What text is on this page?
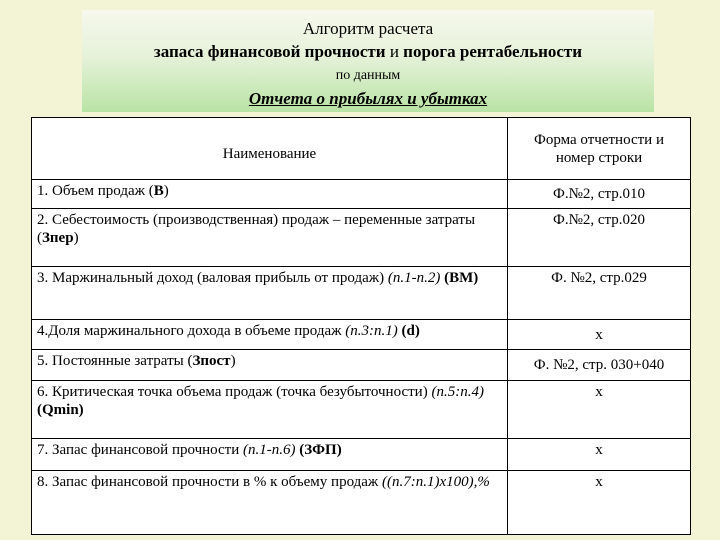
Алгоритм расчета
запаса финансовой прочности и порога рентабельности
по данным
Отчета о прибылях и убытках
Наименование	Форма отчетности и номер строки
1. Объем продаж (В)	Ф.№2, стр.010
2. Себестоимость (производственная) продаж – переменные затраты (Зпер)	Ф.№2, стр.020
3. Маржинальный доход (валовая прибыль от продаж) (п.1-п.2) (ВМ)	Ф. №2, стр.029
4.Доля маржинального дохода в объеме продаж (п.3:п.1) (d)	х
5. Постоянные затраты (Зпост)	Ф. №2, стр. 030+040
6. Критическая точка объема продаж (точка безубыточности) (п.5:п.4) (Qmin)	х
7. Запас финансовой прочности (п.1-п.6) (ЗФП)	х
8. Запас финансовой прочности в % к объему продаж ((п.7:п.1)х100),%	х
